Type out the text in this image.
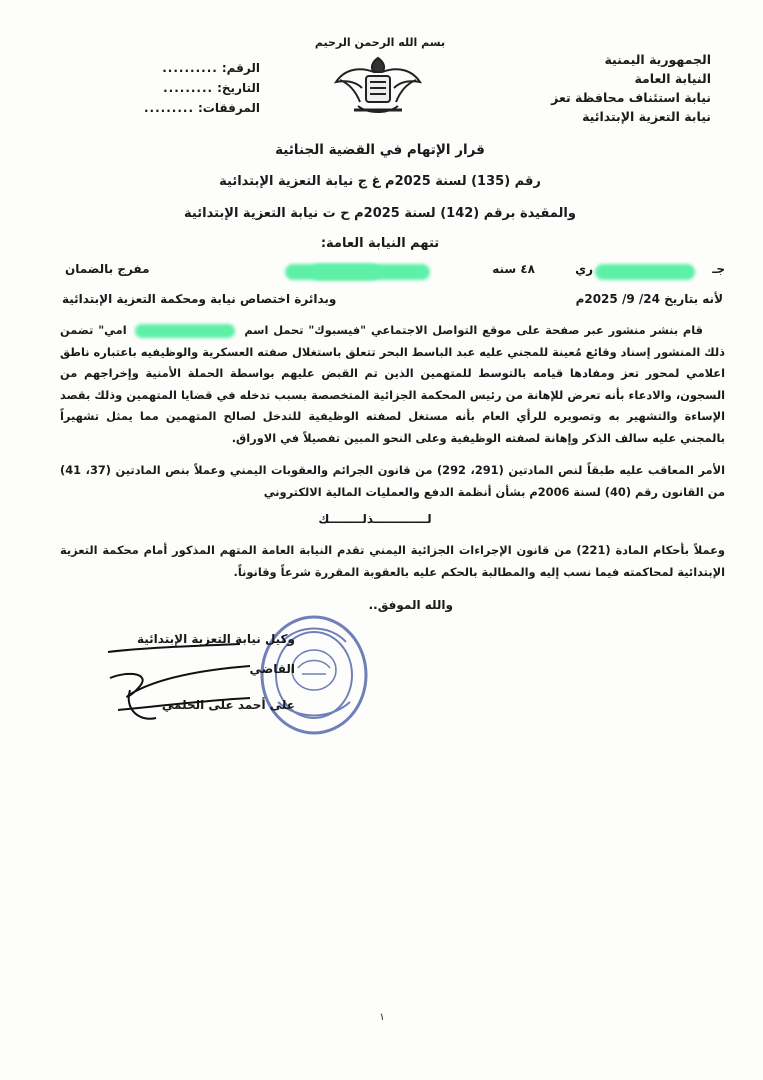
الجمهورية اليمنية
النيابة العامة
نيابة استئناف محافظة تعز
نيابة التعزية الإبتدائية
بسم الله الرحمن الرحيم
الرقم:
..........
التاريخ:
.........
المرفقات:
.........
قرار الإتهام في القضية الجنائية
رقم (135) لسنة 2025م غ ج نيابة التعزية الإبتدائية
والمقيدة برقم (142) لسنة 2025م ح ت نيابة التعزية الإبتدائية
تتهم النيابة العامة:
جـ
ري
٤٨ سنه
مفرج بالضمان
لأنه بتاريخ 24/ 9/ 2025م
وبدائرة اختصاص نيابة ومحكمة التعزية الإبتدائية
قام بنشر منشور عبر صفحة على موقع التواصل الاجتماعي "فيسبوك" تحمل اسم  امي" تضمن ذلك المنشور إسناد وقائع مُعينة للمجني عليه عبد الباسط البحر تتعلق باستغلال صفته العسكرية والوظيفيه باعتباره ناطق اعلامي لمحور تعز ومفادها قيامه بالتوسط للمتهمين الذين تم القبض عليهم بواسطة الحملة الأمنية وإخراجهم من السجون، والادعاء بأنه تعرض للإهانة من رئيس المحكمة الجزائية المتخصصة بسبب تدخله في قضايا المتهمين وذلك بقصد الإساءة والتشهير به وتصويره للرأي العام بأنه مستغل لصفته الوظيفية للتدخل لصالح المتهمين مما يمثل تشهيراً بالمجني عليه سالف الذكر وإهانة لصفته الوظيفية وعلى النحو المبين تفصيلاً في الاوراق.
الأمر المعاقب عليه طبقاً لنص المادتين (291، 292) من قانون الجرائم والعقوبات اليمني وعملاً بنص المادتين (37، 41) من القانون رقم (40) لسنة 2006م بشأن أنظمة الدفع والعمليات المالية الالكتروني
لـــــــــــــذلــــــــك
وعملاً بأحكام المادة (221) من قانون الإجراءات الجزائية اليمني تقدم النيابة العامة المتهم المذكور أمام محكمة التعزية الإبتدائية لمحاكمته فيما نسب إليه والمطالبة بالحكم عليه بالعقوبة المقررة شرعاً وقانوناً.
والله الموفق..
وكيل نيابة التعزية الإبتدائية
القاضي
على أحمد على الحلمي
١
